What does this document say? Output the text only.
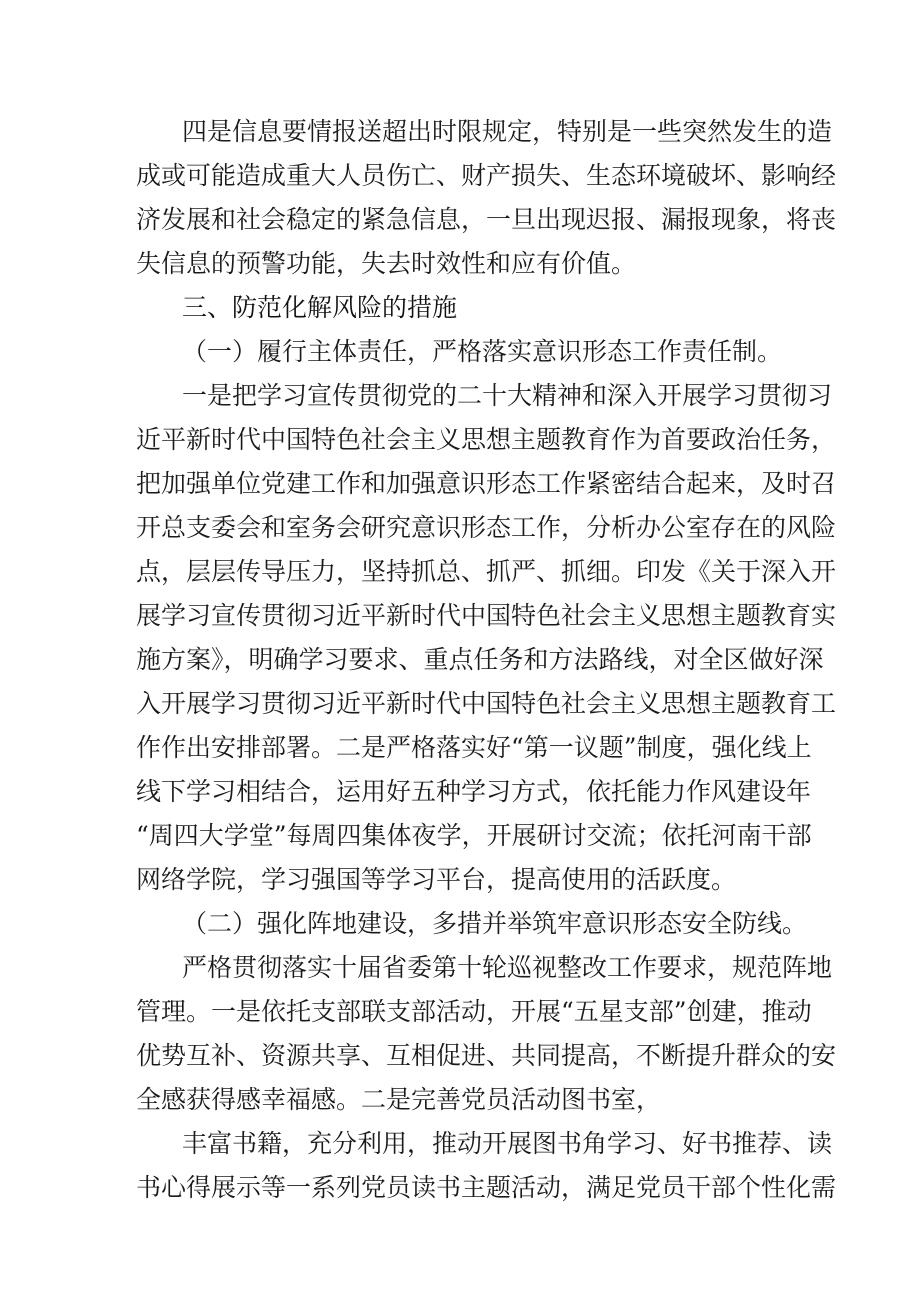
四是信息要情报送超出时限规定，特别是一些突然发生的造
成或可能造成重大人员伤亡、财产损失、生态环境破坏、影响经
济发展和社会稳定的紧急信息，一旦出现迟报、漏报现象，将丧
失信息的预警功能，失去时效性和应有价值。
三、防范化解风险的措施
（一）履行主体责任，严格落实意识形态工作责任制。
一是把学习宣传贯彻党的二十大精神和深入开展学习贯彻习
近平新时代中国特色社会主义思想主题教育作为首要政治任务，
把加强单位党建工作和加强意识形态工作紧密结合起来，及时召
开总支委会和室务会研究意识形态工作，分析办公室存在的风险
点，层层传导压力，坚持抓总、抓严、抓细。印发《关于深入开
展学习宣传贯彻习近平新时代中国特色社会主义思想主题教育实
施方案》，明确学习要求、重点任务和方法路线，对全区做好深
入开展学习贯彻习近平新时代中国特色社会主义思想主题教育工
作作出安排部署。二是严格落实好“第一议题”制度，强化线上
线下学习相结合，运用好五种学习方式，依托能力作风建设年
“周四大学堂”每周四集体夜学，开展研讨交流；依托河南干部
网络学院，学习强国等学习平台，提高使用的活跃度。
（二）强化阵地建设，多措并举筑牢意识形态安全防线。
严格贯彻落实十届省委第十轮巡视整改工作要求，规范阵地
管理。一是依托支部联支部活动，开展“五星支部”创建，推动
优势互补、资源共享、互相促进、共同提高，不断提升群众的安
全感获得感幸福感。二是完善党员活动图书室，
丰富书籍，充分利用，推动开展图书角学习、好书推荐、读
书心得展示等一系列党员读书主题活动，满足党员干部个性化需
